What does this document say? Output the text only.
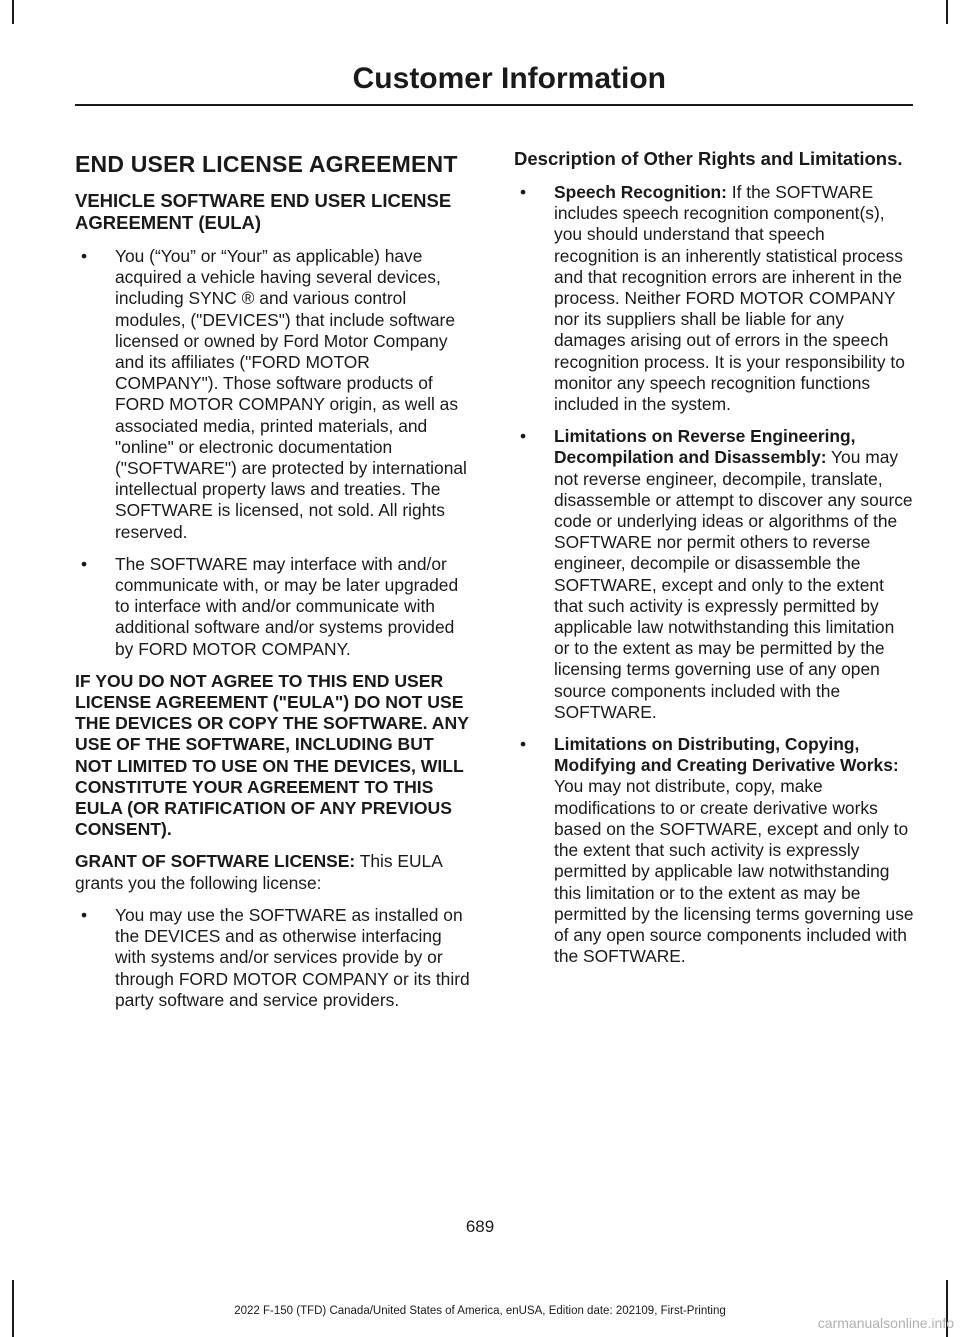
Customer Information
END USER LICENSE AGREEMENT
VEHICLE SOFTWARE END USER LICENSE AGREEMENT (EULA)
• You (“You” or “Your” as applicable) have acquired a vehicle having several devices, including SYNC ® and various control modules, ("DEVICES") that include software licensed or owned by Ford Motor Company and its affiliates ("FORD MOTOR COMPANY"). Those software products of FORD MOTOR COMPANY origin, as well as associated media, printed materials, and "online" or electronic documentation ("SOFTWARE") are protected by international intellectual property laws and treaties. The SOFTWARE is licensed, not sold. All rights reserved.
• The SOFTWARE may interface with and/or communicate with, or may be later upgraded to interface with and/or communicate with additional software and/or systems provided by FORD MOTOR COMPANY.
IF YOU DO NOT AGREE TO THIS END USER LICENSE AGREEMENT ("EULA") DO NOT USE THE DEVICES OR COPY THE SOFTWARE. ANY USE OF THE SOFTWARE, INCLUDING BUT NOT LIMITED TO USE ON THE DEVICES, WILL CONSTITUTE YOUR AGREEMENT TO THIS EULA (OR RATIFICATION OF ANY PREVIOUS CONSENT).
GRANT OF SOFTWARE LICENSE: This EULA grants you the following license:
• You may use the SOFTWARE as installed on the DEVICES and as otherwise interfacing with systems and/or services provide by or through FORD MOTOR COMPANY or its third party software and service providers.
Description of Other Rights and Limitations.
• Speech Recognition: If the SOFTWARE includes speech recognition component(s), you should understand that speech recognition is an inherently statistical process and that recognition errors are inherent in the process. Neither FORD MOTOR COMPANY nor its suppliers shall be liable for any damages arising out of errors in the speech recognition process. It is your responsibility to monitor any speech recognition functions included in the system.
• Limitations on Reverse Engineering, Decompilation and Disassembly: You may not reverse engineer, decompile, translate, disassemble or attempt to discover any source code or underlying ideas or algorithms of the SOFTWARE nor permit others to reverse engineer, decompile or disassemble the SOFTWARE, except and only to the extent that such activity is expressly permitted by applicable law notwithstanding this limitation or to the extent as may be permitted by the licensing terms governing use of any open source components included with the SOFTWARE.
• Limitations on Distributing, Copying, Modifying and Creating Derivative Works: You may not distribute, copy, make modifications to or create derivative works based on the SOFTWARE, except and only to the extent that such activity is expressly permitted by applicable law notwithstanding this limitation or to the extent as may be permitted by the licensing terms governing use of any open source components included with the SOFTWARE.
689
2022 F-150 (TFD) Canada/United States of America, enUSA, Edition date: 202109, First-Printing
carmanualsonline.info
